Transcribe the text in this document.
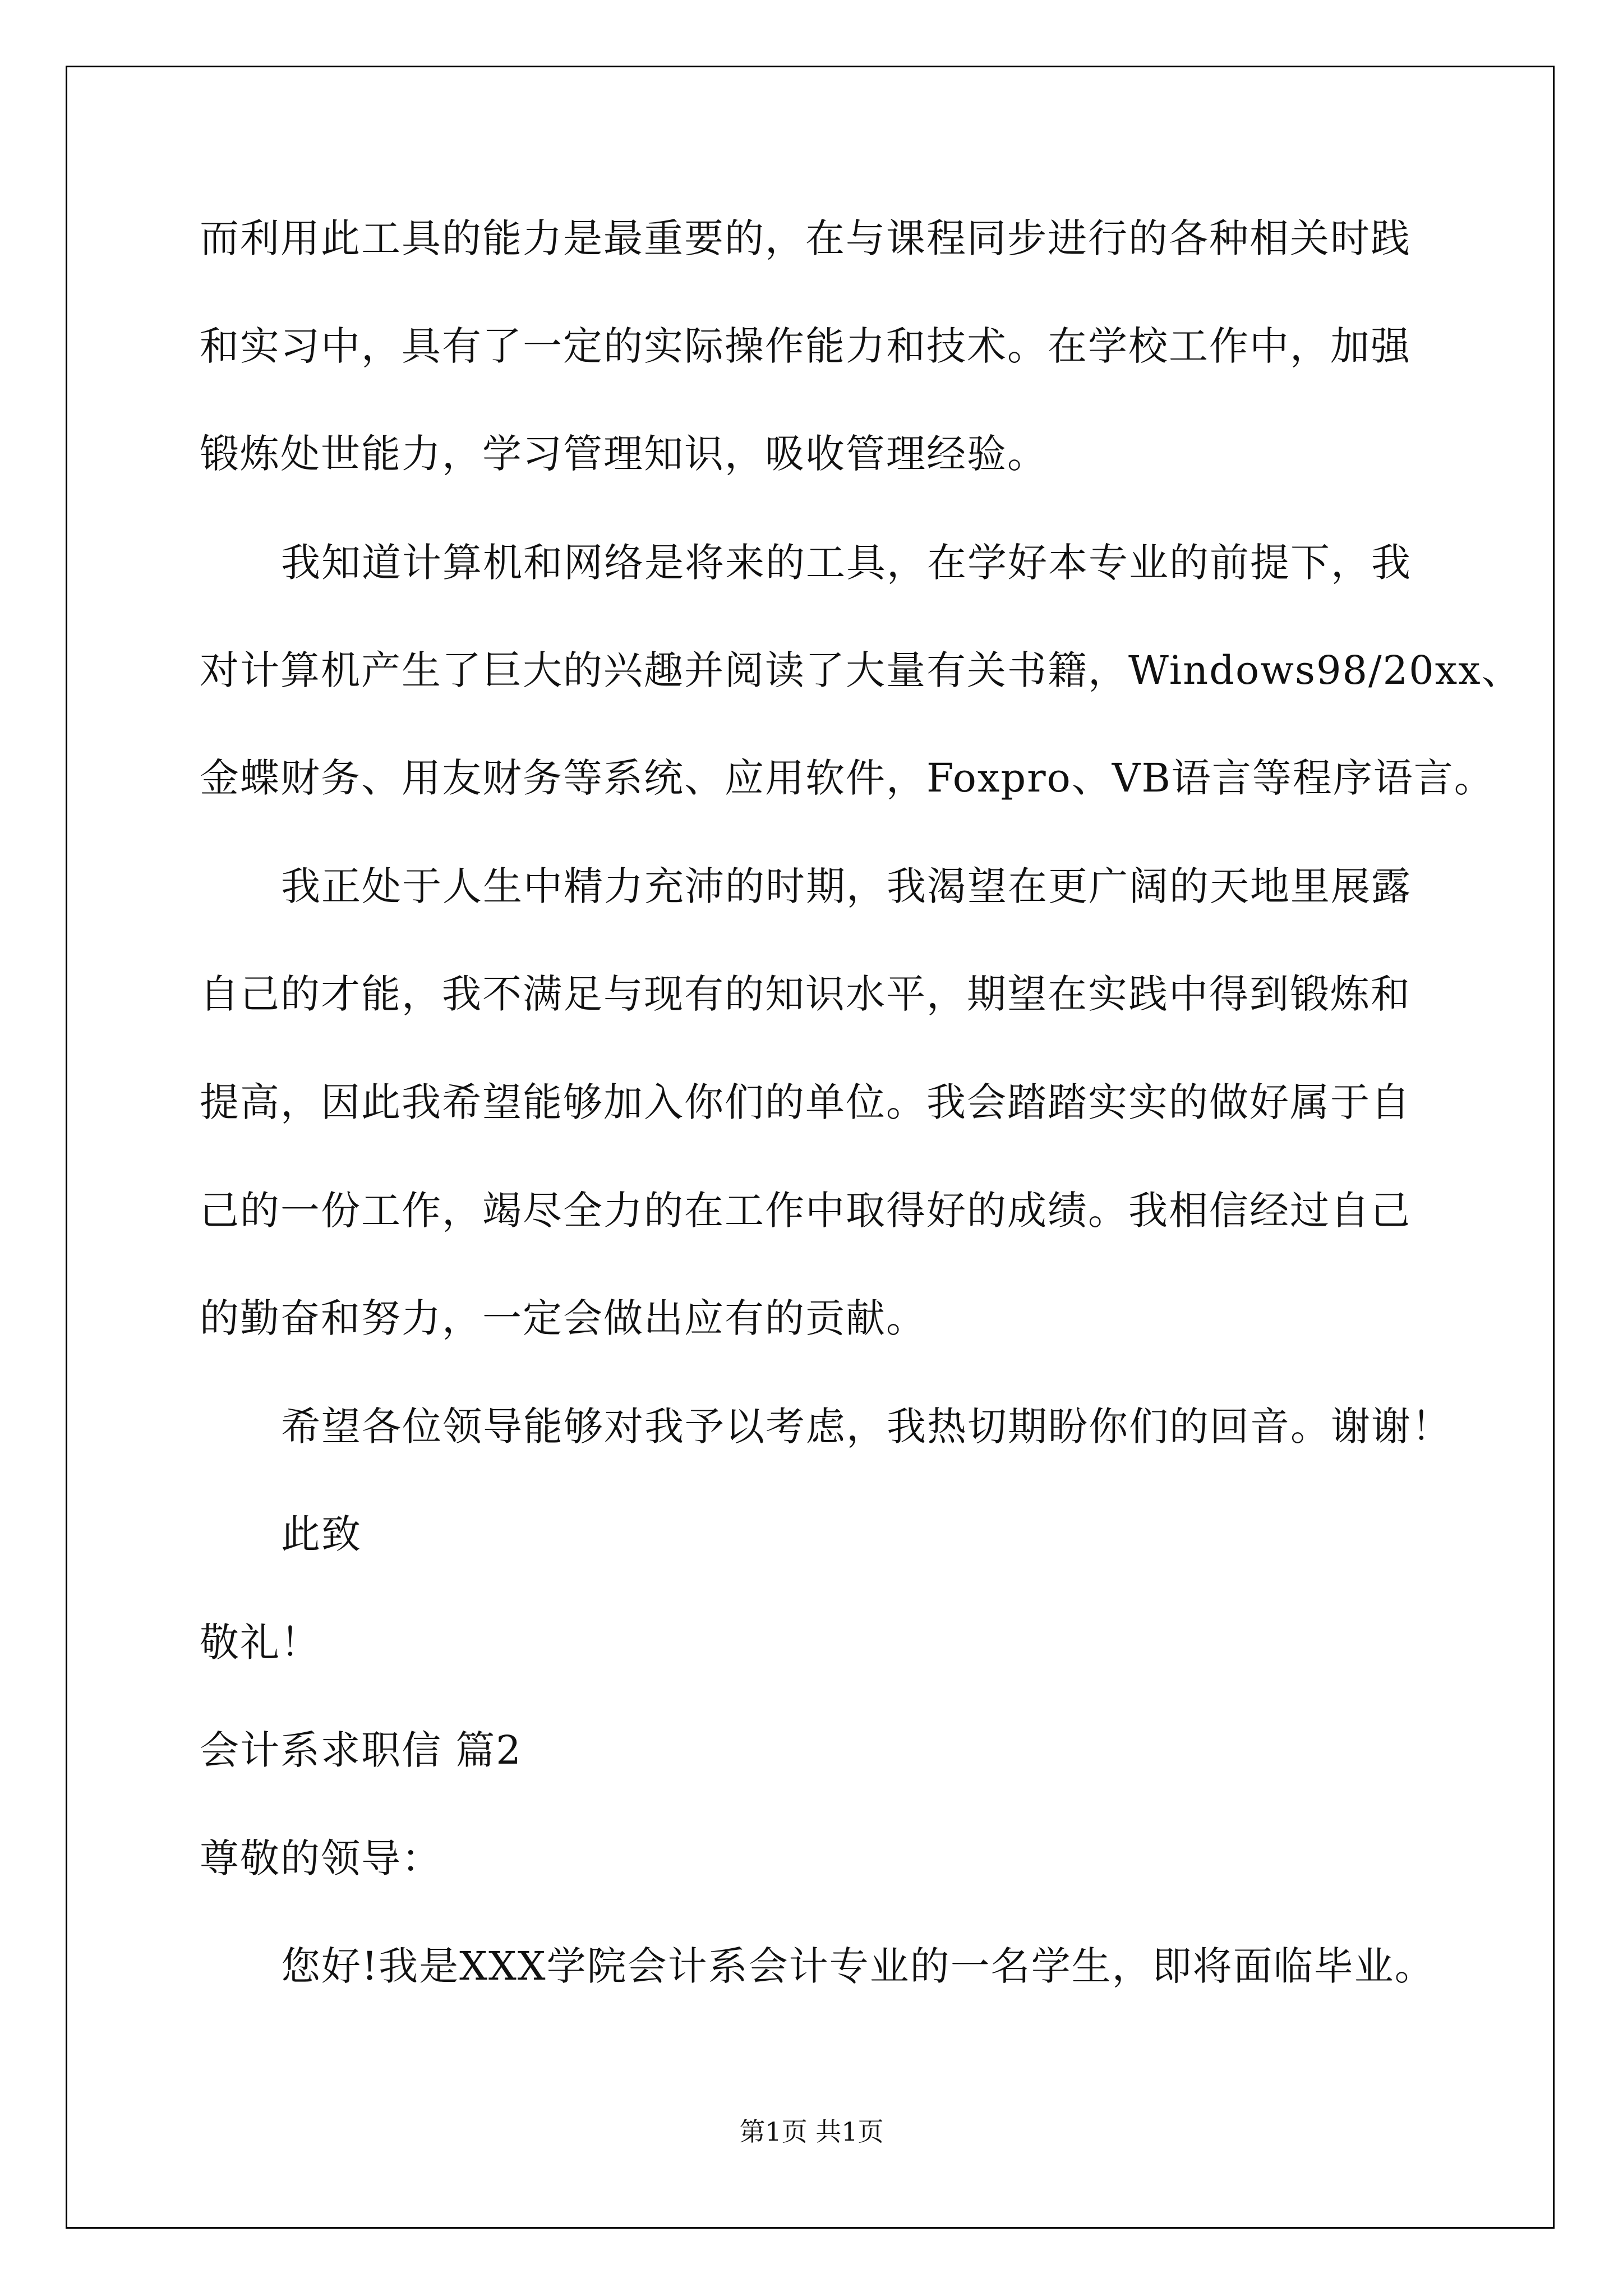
而利用此工具的能力是最重要的，在与课程同步进行的各种相关时践
和实习中，具有了一定的实际操作能力和技术。在学校工作中，加强
锻炼处世能力，学习管理知识，吸收管理经验。
我知道计算机和网络是将来的工具，在学好本专业的前提下，我
对计算机产生了巨大的兴趣并阅读了大量有关书籍，Windows98/20xx、
金蝶财务、用友财务等系统、应用软件，Foxpro、VB语言等程序语言。
我正处于人生中精力充沛的时期，我渴望在更广阔的天地里展露
自己的才能，我不满足与现有的知识水平，期望在实践中得到锻炼和
提高，因此我希望能够加入你们的单位。我会踏踏实实的做好属于自
己的一份工作，竭尽全力的在工作中取得好的成绩。我相信经过自己
的勤奋和努力，一定会做出应有的贡献。
希望各位领导能够对我予以考虑，我热切期盼你们的回音。谢谢！
此致
敬礼！
会计系求职信 篇2
尊敬的领导：
您好!我是XXX学院会计系会计专业的一名学生，即将面临毕业。
第1页 共1页
